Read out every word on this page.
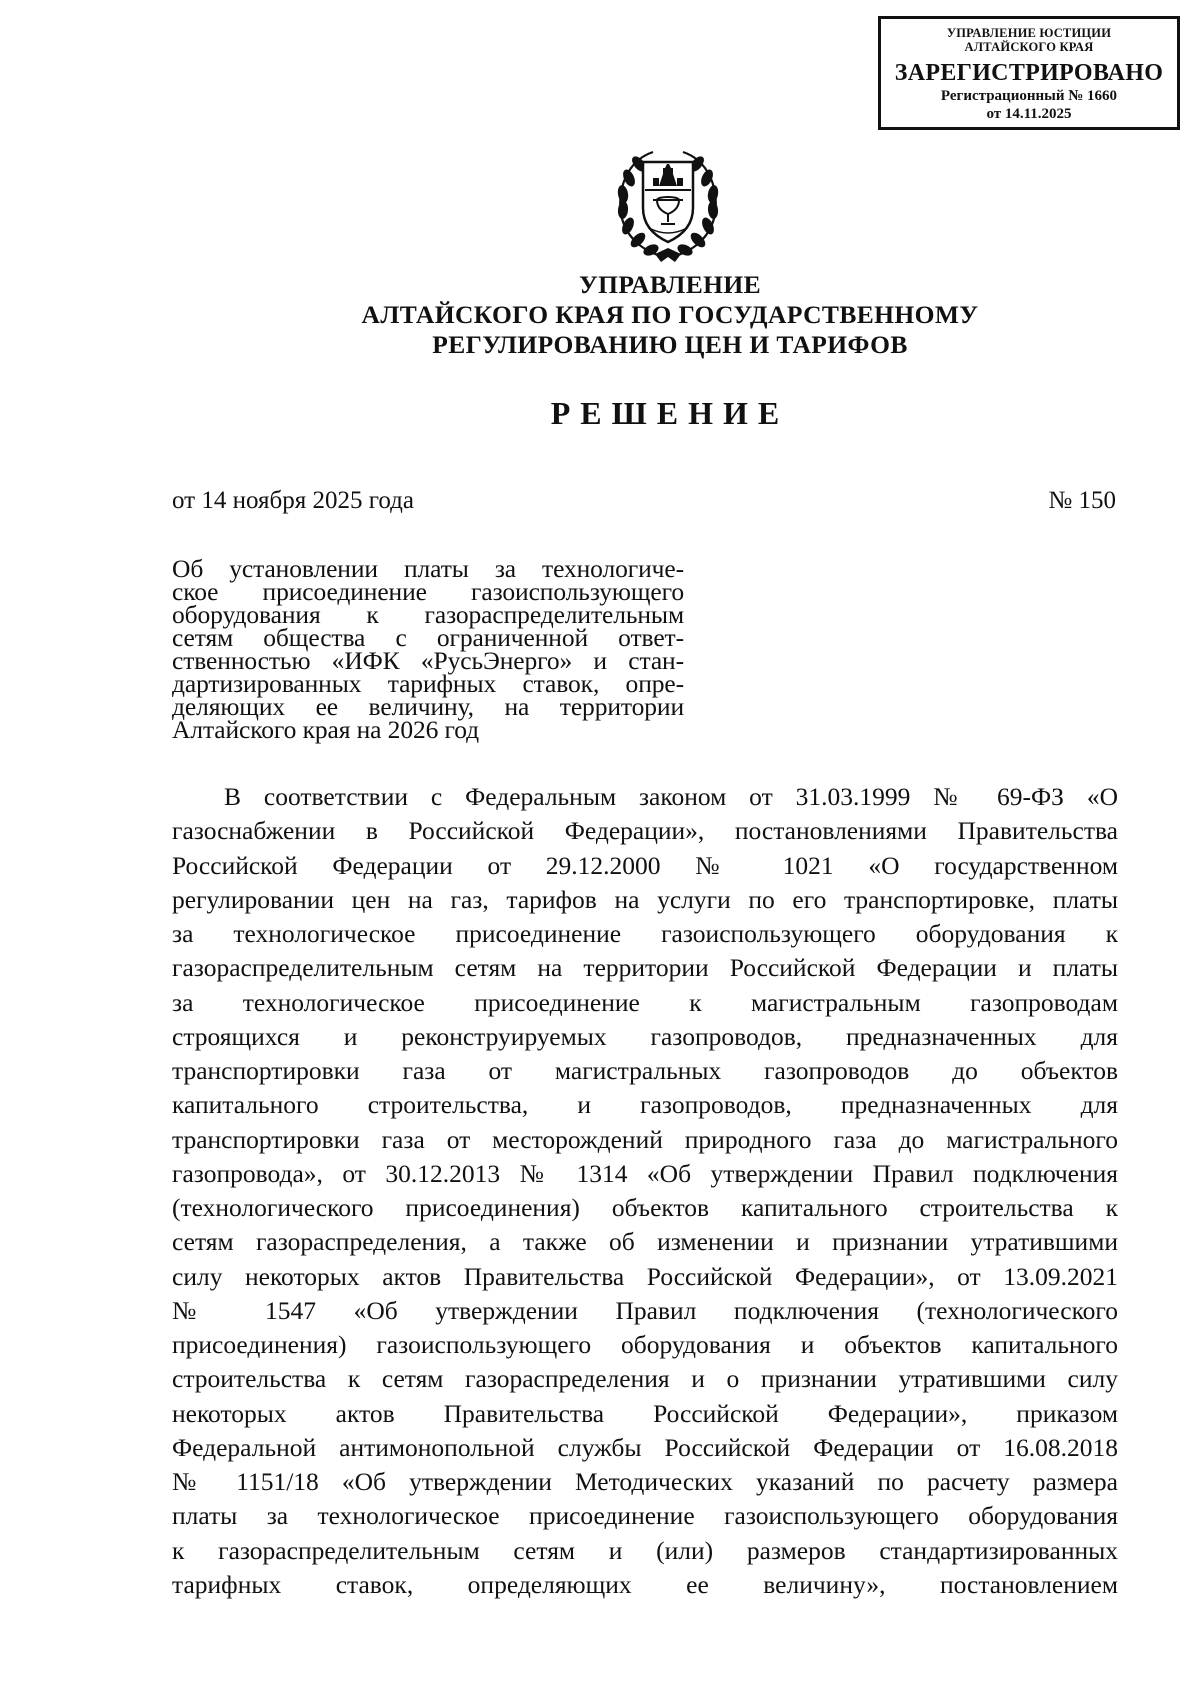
УПРАВЛЕНИЕ ЮСТИЦИИ
АЛТАЙСКОГО КРАЯ
ЗАРЕГИСТРИРОВАНО
Регистрационный № 1660
от 14.11.2025
УПРАВЛЕНИЕ
АЛТАЙСКОГО КРАЯ ПО ГОСУДАРСТВЕННОМУ
РЕГУЛИРОВАНИЮ ЦЕН И ТАРИФОВ
РЕШЕНИЕ
от 14 ноября 2025 года	№ 150
Об установлении платы за технологиче-
ское присоединение газоиспользующего
оборудования к газораспределительным
сетям общества с ограниченной ответ-
ственностью «ИФК «РусьЭнерго» и стан-
дартизированных тарифных ставок, опре-
деляющих ее величину, на территории
Алтайского края на 2026 год
В соответствии с Федеральным законом от 31.03.1999 № 69-ФЗ «О
газоснабжении в Российской Федерации», постановлениями Правительства
Российской Федерации от 29.12.2000 № 1021 «О государственном
регулировании цен на газ, тарифов на услуги по его транспортировке, платы
за технологическое присоединение газоиспользующего оборудования к
газораспределительным сетям на территории Российской Федерации и платы
за технологическое присоединение к магистральным газопроводам
строящихся и реконструируемых газопроводов, предназначенных для
транспортировки газа от магистральных газопроводов до объектов
капитального строительства, и газопроводов, предназначенных для
транспортировки газа от месторождений природного газа до магистрального
газопровода», от 30.12.2013 № 1314 «Об утверждении Правил подключения
(технологического присоединения) объектов капитального строительства к
сетям газораспределения, а также об изменении и признании утратившими
силу некоторых актов Правительства Российской Федерации», от 13.09.2021
№ 1547 «Об утверждении Правил подключения (технологического
присоединения) газоиспользующего оборудования и объектов капитального
строительства к сетям газораспределения и о признании утратившими силу
некоторых актов Правительства Российской Федерации», приказом
Федеральной антимонопольной службы Российской Федерации от 16.08.2018
№ 1151/18 «Об утверждении Методических указаний по расчету размера
платы за технологическое присоединение газоиспользующего оборудования
к газораспределительным сетям и (или) размеров стандартизированных
тарифных ставок, определяющих ее величину», постановлением
